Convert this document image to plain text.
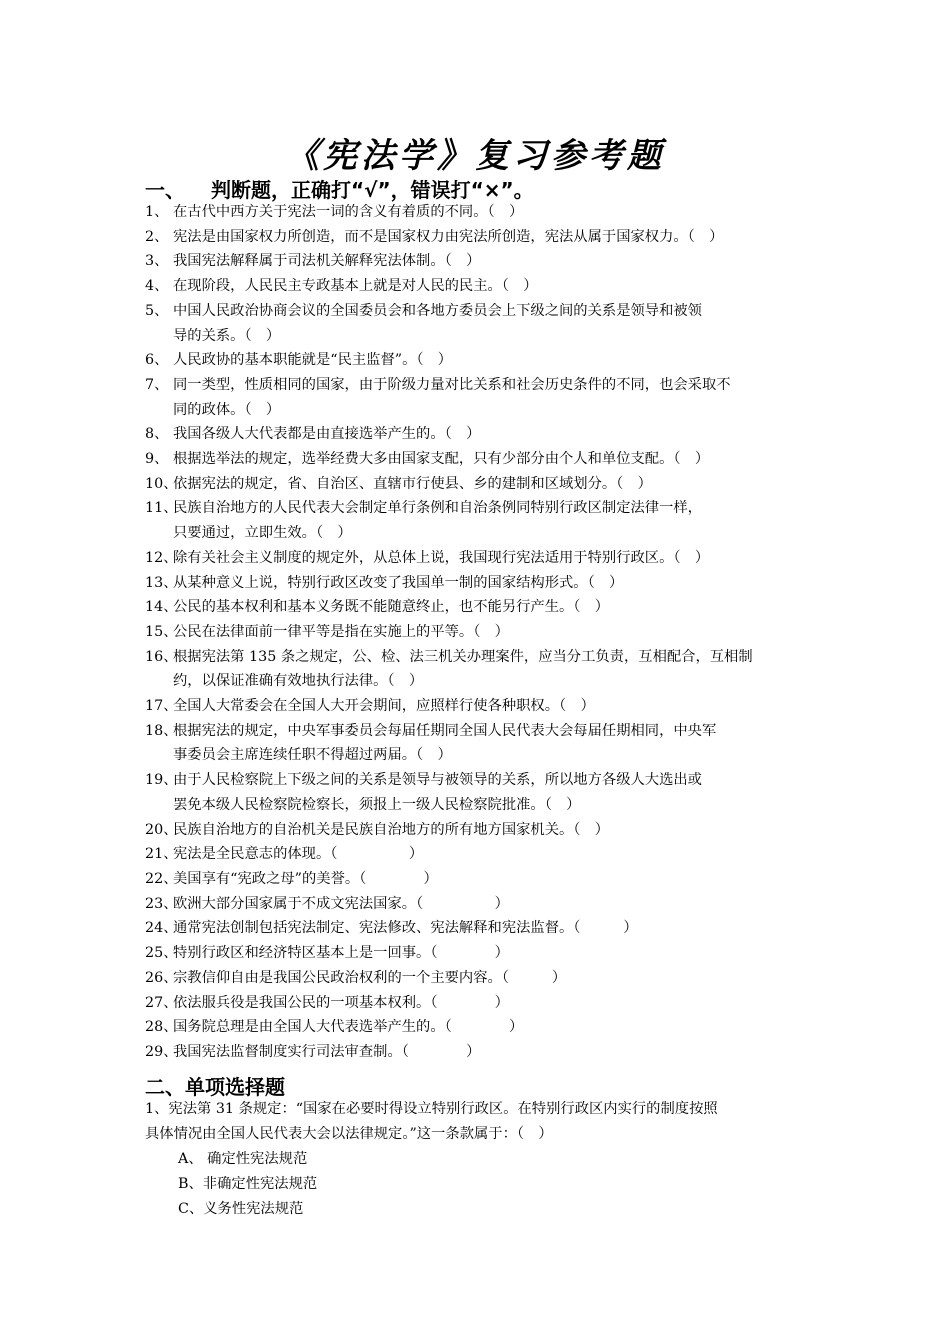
《宪法学》复习参考题
一、 判断题，正确打“√”，错误打“×”。
1、 在古代中西方关于宪法一词的含义有着质的不同。（　）
2、 宪法是由国家权力所创造，而不是国家权力由宪法所创造，宪法从属于国家权力。（　）
3、 我国宪法解释属于司法机关解释宪法体制。（　）
4、 在现阶段，人民民主专政基本上就是对人民的民主。（　）
5、 中国人民政治协商会议的全国委员会和各地方委员会上下级之间的关系是领导和被领
导的关系。（　）
6、 人民政协的基本职能就是“民主监督”。（　）
7、 同一类型，性质相同的国家，由于阶级力量对比关系和社会历史条件的不同，也会采取不
同的政体。（　）
8、 我国各级人大代表都是由直接选举产生的。（　）
9、 根据选举法的规定，选举经费大多由国家支配，只有少部分由个人和单位支配。（　）
10、
依据宪法的规定，省、自治区、直辖市行使县、乡的建制和区域划分。（　）
11、
民族自治地方的人民代表大会制定单行条例和自治条例同特别行政区制定法律一样，
只要通过，立即生效。（　）
12、
除有关社会主义制度的规定外，从总体上说，我国现行宪法适用于特别行政区。（　）
13、
从某种意义上说，特别行政区改变了我国单一制的国家结构形式。（　）
14、
公民的基本权利和基本义务既不能随意终止，也不能另行产生。（　）
15、
公民在法律面前一律平等是指在实施上的平等。（　）
16、
根据宪法第 135 条之规定，公、检、法三机关办理案件，应当分工负责，互相配合，互相制
约，以保证准确有效地执行法律。（　）
17、
全国人大常委会在全国人大开会期间，应照样行使各种职权。（　）
18、
根据宪法的规定，中央军事委员会每届任期同全国人民代表大会每届任期相同，中央军
事委员会主席连续任职不得超过两届。（　）
19、
由于人民检察院上下级之间的关系是领导与被领导的关系，所以地方各级人大选出或
罢免本级人民检察院检察长，须报上一级人民检察院批准。（　）
20、
民族自治地方的自治机关是民族自治地方的所有地方国家机关。（　）
21、
宪法是全民意志的体现。（　　　　　）
22、
美国享有“宪政之母”的美誉。（　　　　）
23、
欧洲大部分国家属于不成文宪法国家。（　　　　　）
24、
通常宪法创制包括宪法制定、宪法修改、宪法解释和宪法监督。（　　　）
25、
特别行政区和经济特区基本上是一回事。（　　　　）
26、
宗教信仰自由是我国公民政治权利的一个主要内容。（　　　）
27、
依法服兵役是我国公民的一项基本权利。（　　　　）
28、
国务院总理是由全国人大代表选举产生的。（　　　　）
29、
我国宪法监督制度实行司法审查制。（　　　　）
二、单项选择题
1、宪法第 31 条规定：“国家在必要时得设立特别行政区。在特别行政区内实行的制度按照
具体情况由全国人民代表大会以法律规定。”这一条款属于：（　）
A、 确定性宪法规范
B、非确定性宪法规范
C、义务性宪法规范
